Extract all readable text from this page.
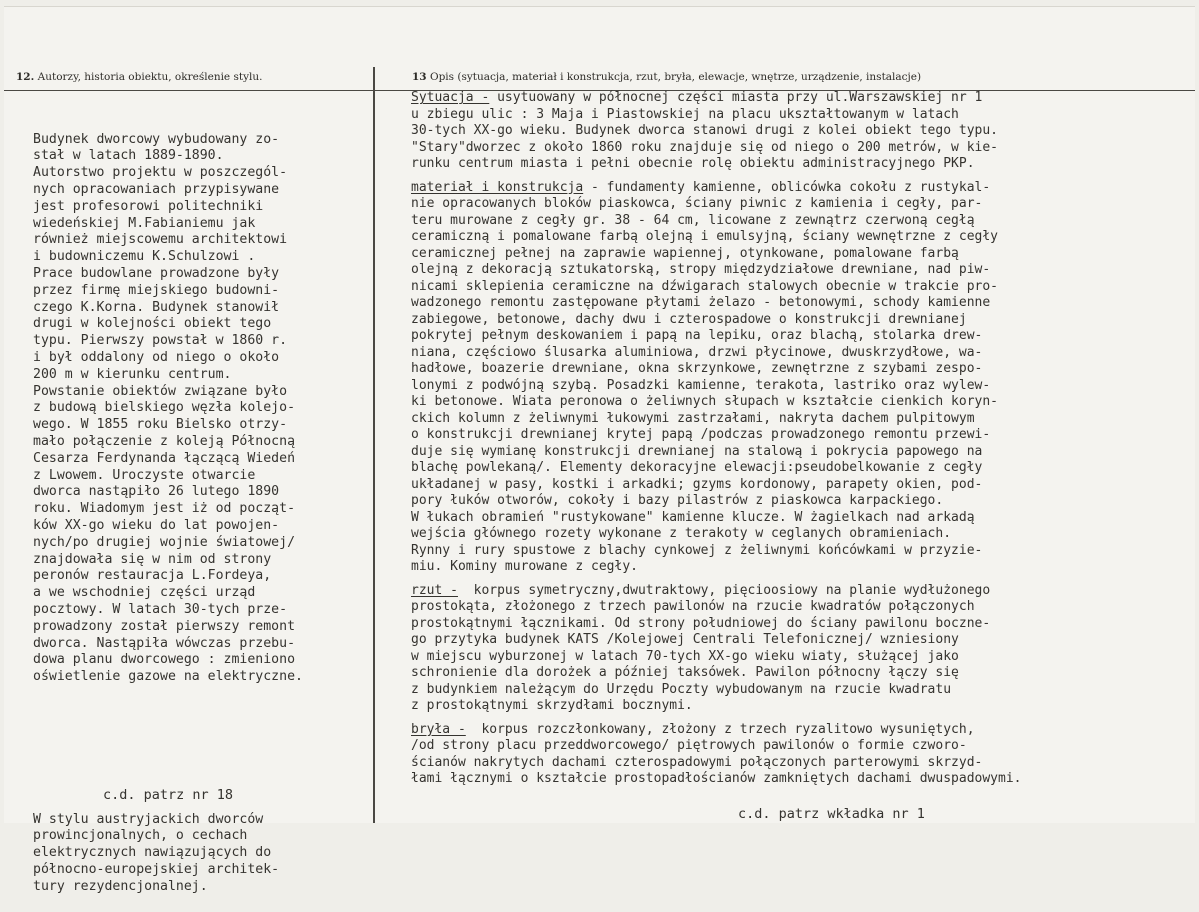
12. Autorzy, historia obiektu, określenie stylu.	13 Opis (sytuacja, materiał i konstrukcja, rzut, bryła, elewacje, wnętrze, urządzenie, instalacje)

Budynek dworcowy wybudowany zo-
stał w latach 1889-1890.
Autorstwo projektu w poszczegól-
nych opracowaniach przypisywane
jest profesorowi politechniki
wiedeńskiej M.Fabianiemu jak
również miejscowemu architektowi
i budowniczemu K.Schulzowi .
Prace budowlane prowadzone były
przez firmę miejskiego budowni-
czego K.Korna. Budynek stanowił
drugi w kolejności obiekt tego
typu. Pierwszy powstał w 1860 r.
i był oddalony od niego o około
200 m w kierunku centrum.
Powstanie obiektów związane było
z budową bielskiego węzła kolejo-
wego. W 1855 roku Bielsko otrzy-
mało połączenie z koleją Północną
Cesarza Ferdynanda łączącą Wiedeń
z Lwowem. Uroczyste otwarcie
dworca nastąpiło 26 lutego 1890
roku. Wiadomym jest iż od począt-
ków XX-go wieku do lat powojen-
nych/po drugiej wojnie światowej/
znajdowała się w nim od strony
peronów restauracja L.Fordeya,
a we wschodniej części urząd
pocztowy. W latach 30-tych prze-
prowadzony został pierwszy remont
dworca. Nastąpiła wówczas przebu-
dowa planu dworcowego : zmieniono
oświetlenie gazowe na elektryczne.

W stylu austryjackich dworców
prowincjonalnych, o cechach
elektrycznych nawiązujących do
północno-europejskiej architek-
tury rezydencjonalnej.

c.d. patrz nr 18
Sytuacja - usytuowany w północnej części miasta przy ul.Warszawskiej nr 1
u zbiegu ulic : 3 Maja i Piastowskiej na placu ukształtowanym w latach
30-tych XX-go wieku. Budynek dworca stanowi drugi z kolei obiekt tego typu.
"Stary"dworzec z około 1860 roku znajduje się od niego o 200 metrów, w kie-
runku centrum miasta i pełni obecnie rolę obiektu administracyjnego PKP.
materiał i konstrukcja - fundamenty kamienne, oblicówka cokołu z rustykal-
nie opracowanych bloków piaskowca, ściany piwnic z kamienia i cegły, par-
teru murowane z cegły gr. 38 - 64 cm, licowane z zewnątrz czerwoną cegłą
ceramiczną i pomalowane farbą olejną i emulsyjną, ściany wewnętrzne z cegły
ceramicznej pełnej na zaprawie wapiennej, otynkowane, pomalowane farbą
olejną z dekoracją sztukatorską, stropy międzydziałowe drewniane, nad piw-
nicami sklepienia ceramiczne na dźwigarach stalowych obecnie w trakcie pro-
wadzonego remontu zastępowane płytami żelazo - betonowymi, schody kamienne
zabiegowe, betonowe, dachy dwu i czterospadowe o konstrukcji drewnianej
pokrytej pełnym deskowaniem i papą na lepiku, oraz blachą, stolarka drew-
niana, częściowo ślusarka aluminiowa, drzwi płycinowe, dwuskrzydłowe, wa-
hadłowe, boazerie drewniane, okna skrzynkowe, zewnętrzne z szybami zespo-
lonymi z podwójną szybą. Posadzki kamienne, terakota, lastriko oraz wylew-
ki betonowe. Wiata peronowa o żeliwnych słupach w kształcie cienkich koryn-
ckich kolumn z żeliwnymi łukowymi zastrzałami, nakryta dachem pulpitowym
o konstrukcji drewnianej krytej papą /podczas prowadzonego remontu przewi-
duje się wymianę konstrukcji drewnianej na stalową i pokrycia papowego na
blachę powlekaną/. Elementy dekoracyjne elewacji:pseudobelkowanie z cegły
układanej w pasy, kostki i arkadki; gzyms kordonowy, parapety okien, pod-
pory łuków otworów, cokoły i bazy pilastrów z piaskowca karpackiego.
W łukach obramień "rustykowane" kamienne klucze. W żagielkach nad arkadą
wejścia głównego rozety wykonane z terakoty w ceglanych obramieniach.
Rynny i rury spustowe z blachy cynkowej z żeliwnymi końcówkami w przyzie-
miu. Kominy murowane z cegły.
rzut -  korpus symetryczny,dwutraktowy, pięcioosiowy na planie wydłużonego
prostokąta, złożonego z trzech pawilonów na rzucie kwadratów połączonych
prostokątnymi łącznikami. Od strony południowej do ściany pawilonu boczne-
go przytyka budynek KATS /Kolejowej Centrali Telefonicznej/ wzniesiony
w miejscu wyburzonej w latach 70-tych XX-go wieku wiaty, służącej jako
schronienie dla dorożek a później taksówek. Pawilon północny łączy się
z budynkiem należącym do Urzędu Poczty wybudowanym na rzucie kwadratu
z prostokątnymi skrzydłami bocznymi.
bryła -  korpus rozczłonkowany, złożony z trzech ryzalitowo wysuniętych,
/od strony placu przeddworcowego/ piętrowych pawilonów o formie czworo-
ścianów nakrytych dachami czterospadowymi połączonych parterowymi skrzyd-
łami łącznymi o kształcie prostopadłościanów zamkniętych dachami dwuspadowymi.
c.d. patrz wkładka nr 1
